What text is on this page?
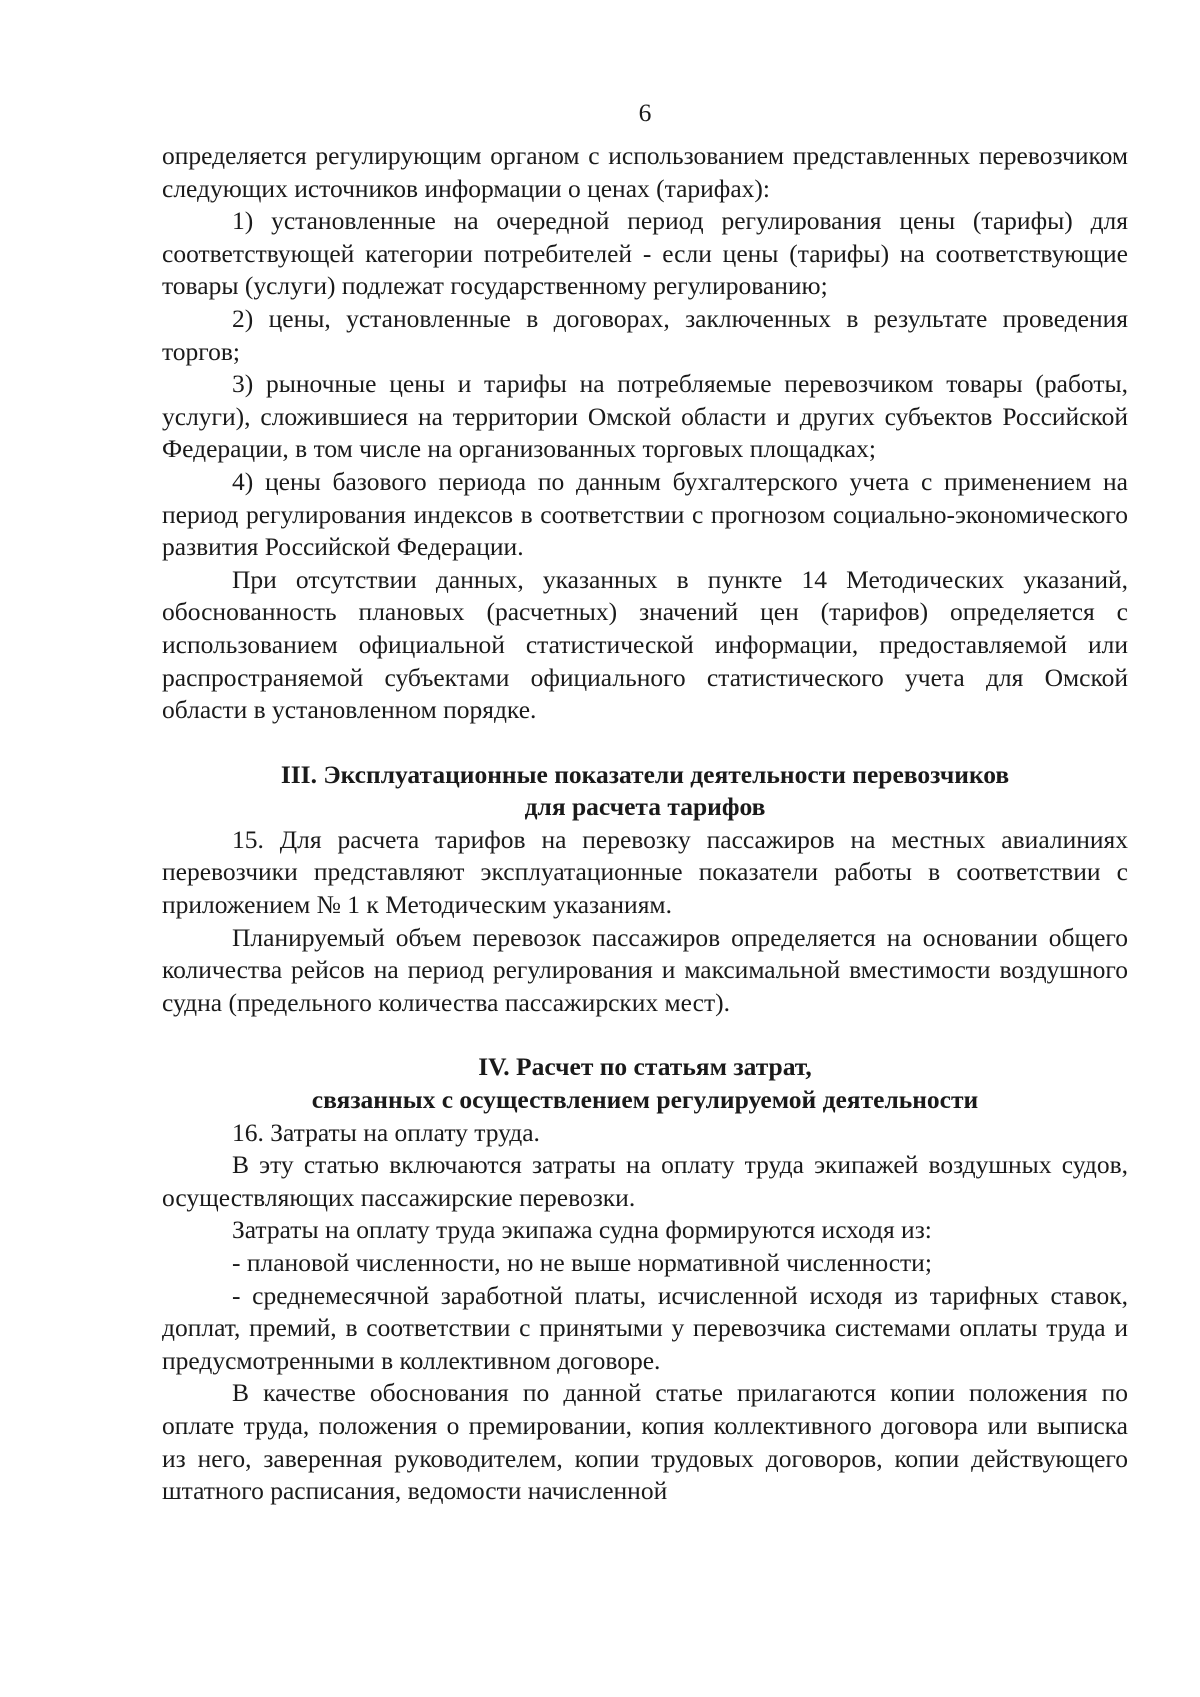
6

определяется регулирующим органом с использованием представленных перевозчиком следующих источников информации о ценах (тарифах):

1) установленные на очередной период регулирования цены (тарифы) для соответствующей категории потребителей - если цены (тарифы) на соответствующие товары (услуги) подлежат государственному регулированию;

2) цены, установленные в договорах, заключенных в результате проведения торгов;

3) рыночные цены и тарифы на потребляемые перевозчиком товары (работы, услуги), сложившиеся на территории Омской области и других субъектов Российской Федерации, в том числе на организованных торговых площадках;

4) цены базового периода по данным бухгалтерского учета с применением на период регулирования индексов в соответствии с прогнозом социально-экономического развития Российской Федерации.

При отсутствии данных, указанных в пункте 14 Методических указаний, обоснованность плановых (расчетных) значений цен (тарифов) определяется с использованием официальной статистической информации, предоставляемой или распространяемой субъектами официального статистического учета для Омской области в установленном порядке.

III. Эксплуатационные показатели деятельности перевозчиков
для расчета тарифов

15. Для расчета тарифов на перевозку пассажиров на местных авиалиниях перевозчики представляют эксплуатационные показатели работы в соответствии с приложением № 1 к Методическим указаниям.

Планируемый объем перевозок пассажиров определяется на основании общего количества рейсов на период регулирования и максимальной вместимости воздушного судна (предельного количества пассажирских мест).

IV. Расчет по статьям затрат,
связанных с осуществлением регулируемой деятельности

16. Затраты на оплату труда.

В эту статью включаются затраты на оплату труда экипажей воздушных судов, осуществляющих пассажирские перевозки.

Затраты на оплату труда экипажа судна формируются исходя из:

- плановой численности, но не выше нормативной численности;

- среднемесячной заработной платы, исчисленной исходя из тарифных ставок, доплат, премий, в соответствии с принятыми у перевозчика системами оплаты труда и предусмотренными в коллективном договоре.

В качестве обоснования по данной статье прилагаются копии положения по оплате труда, положения о премировании, копия коллективного договора или выписка из него, заверенная руководителем, копии трудовых договоров, копии действующего штатного расписания, ведомости начисленной
